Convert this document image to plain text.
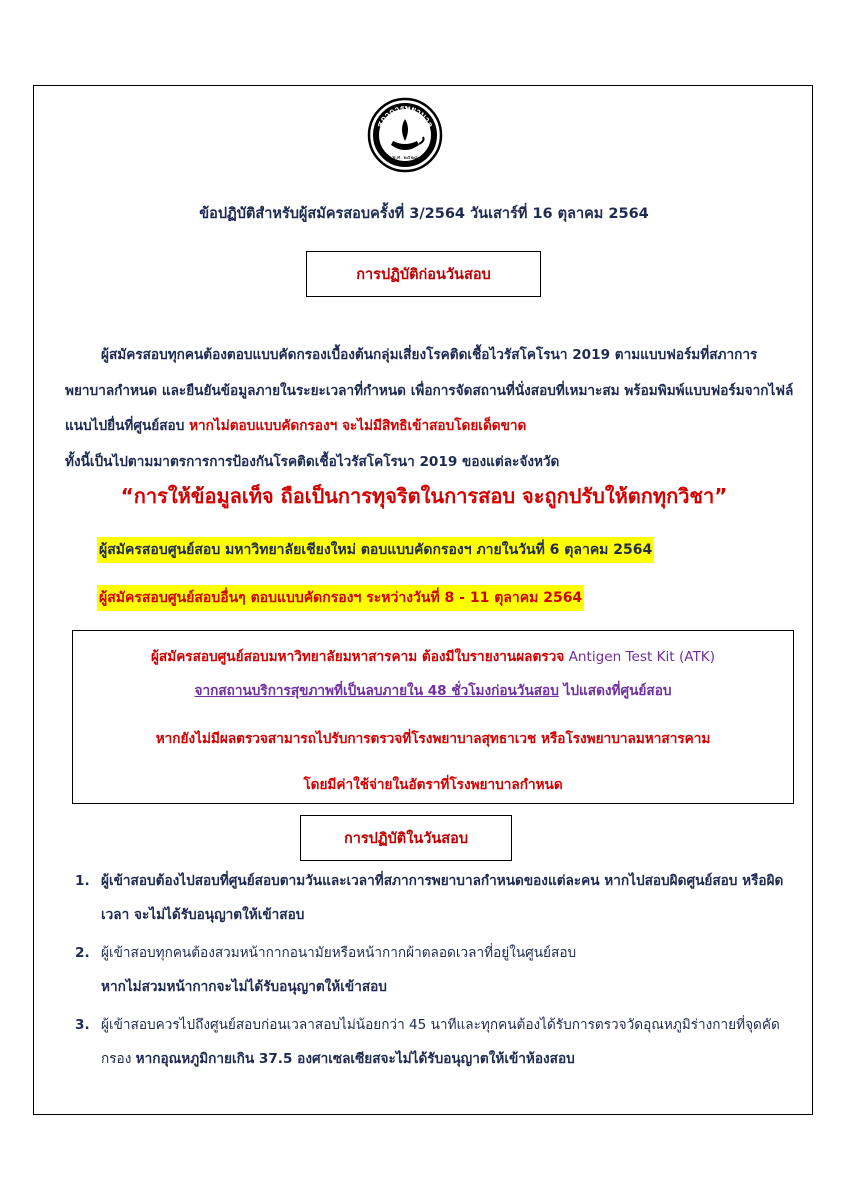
สภาการพยาบาล
พ.ศ. ๒๕๒๘
ข้อปฏิบัติสำหรับผู้สมัครสอบครั้งที่ 3/2564 วันเสาร์ที่ 16 ตุลาคม 2564
การปฏิบัติก่อนวันสอบ
ผู้สมัครสอบทุกคนต้องตอบแบบคัดกรองเบื้องต้นกลุ่มเสี่ยงโรคติดเชื้อไวรัสโคโรนา 2019 ตามแบบฟอร์มที่สภาการพยาบาลกำหนด และยืนยันข้อมูลภายในระยะเวลาที่กำหนด เพื่อการจัดสถานที่นั่งสอบที่เหมาะสม พร้อมพิมพ์แบบฟอร์มจากไฟล์แนบไปยื่นที่ศูนย์สอบ หากไม่ตอบแบบคัดกรองฯ จะไม่มีสิทธิเข้าสอบโดยเด็ดขาด
ทั้งนี้เป็นไปตามมาตรการการป้องกันโรคติดเชื้อไวรัสโคโรนา 2019 ของแต่ละจังหวัด
“การให้ข้อมูลเท็จ ถือเป็นการทุจริตในการสอบ จะถูกปรับให้ตกทุกวิชา”
ผู้สมัครสอบศูนย์สอบ มหาวิทยาลัยเชียงใหม่ ตอบแบบคัดกรองฯ ภายในวันที่ 6 ตุลาคม 2564
ผู้สมัครสอบศูนย์สอบอื่นๆ ตอบแบบคัดกรองฯ ระหว่างวันที่ 8 - 11 ตุลาคม 2564
ผู้สมัครสอบศูนย์สอบมหาวิทยาลัยมหาสารคาม ต้องมีใบรายงานผลตรวจ Antigen Test Kit (ATK)
จากสถานบริการสุขภาพที่เป็นลบภายใน 48 ชั่วโมงก่อนวันสอบ ไปแสดงที่ศูนย์สอบ
หากยังไม่มีผลตรวจสามารถไปรับการตรวจที่โรงพยาบาลสุทธาเวช หรือโรงพยาบาลมหาสารคาม
โดยมีค่าใช้จ่ายในอัตราที่โรงพยาบาลกำหนด
การปฏิบัติในวันสอบ
1. ผู้เข้าสอบต้องไปสอบที่ศูนย์สอบตามวันและเวลาที่สภาการพยาบาลกำหนดของแต่ละคน หากไปสอบผิดศูนย์สอบ หรือผิดเวลา จะไม่ได้รับอนุญาตให้เข้าสอบ
2. ผู้เข้าสอบทุกคนต้องสวมหน้ากากอนามัยหรือหน้ากากผ้าตลอดเวลาที่อยู่ในศูนย์สอบ
หากไม่สวมหน้ากากจะไม่ได้รับอนุญาตให้เข้าสอบ
3. ผู้เข้าสอบควรไปถึงศูนย์สอบก่อนเวลาสอบไม่น้อยกว่า 45 นาทีและทุกคนต้องได้รับการตรวจวัดอุณหภูมิร่างกายที่จุดคัดกรอง หากอุณหภูมิกายเกิน 37.5 องศาเซลเซียสจะไม่ได้รับอนุญาตให้เข้าห้องสอบ
